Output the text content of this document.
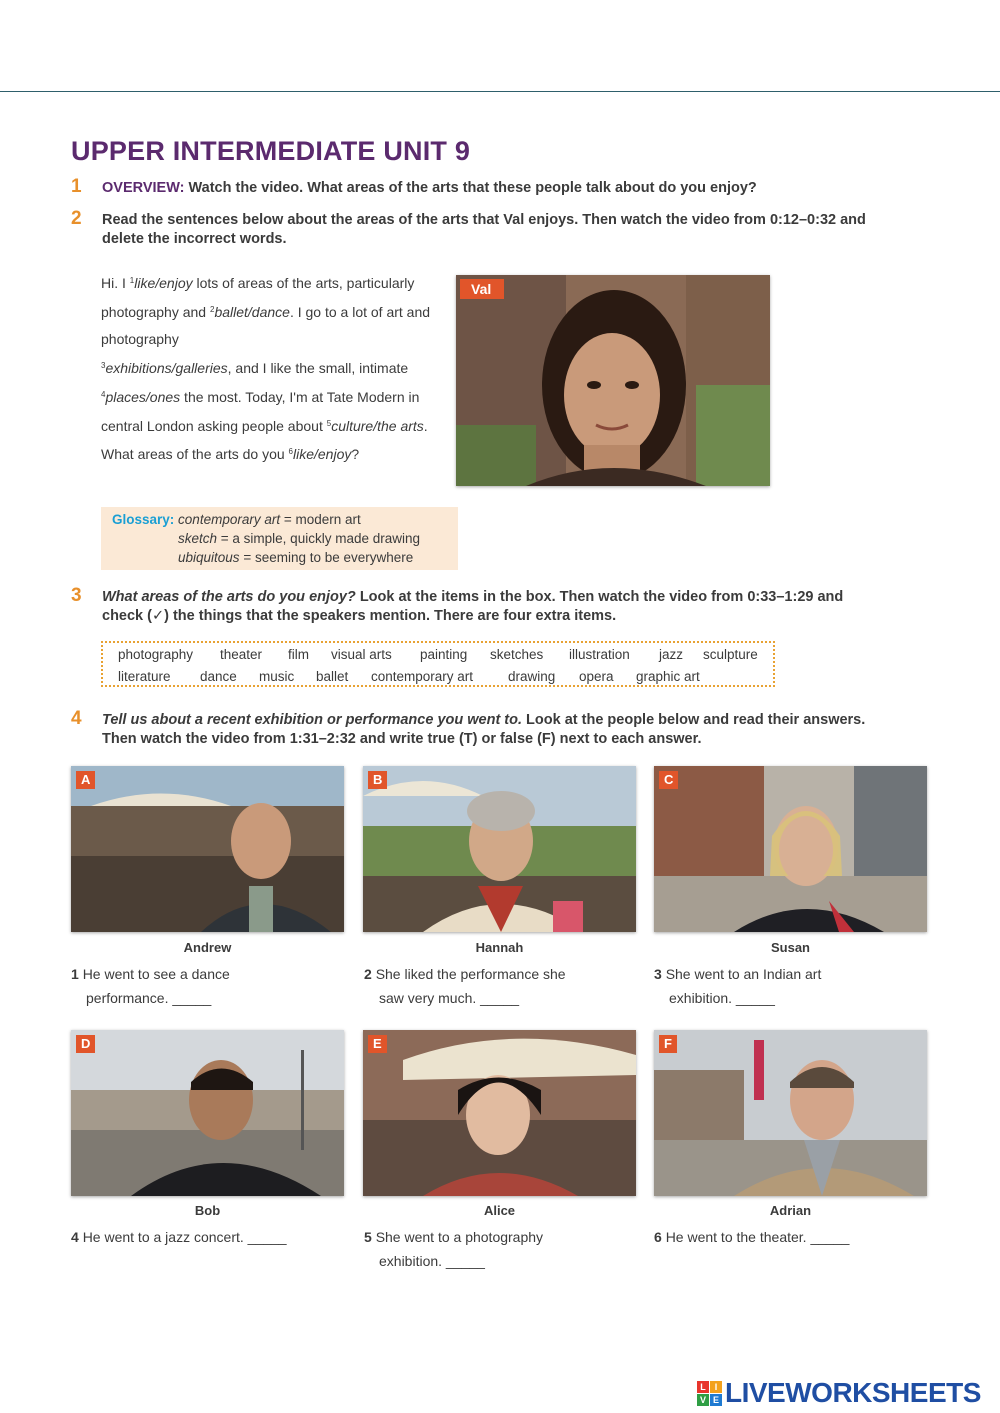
UPPER INTERMEDIATE UNIT 9
1 OVERVIEW: Watch the video. What areas of the arts that these people talk about do you enjoy?
2 Read the sentences below about the areas of the arts that Val enjoys. Then watch the video from 0:12–0:32 and
delete the incorrect words.
Hi. I $^1$like/enjoy lots of areas of the arts, particularly photography and $^2$ballet/dance. I go to a lot of art and photography
$^3$exhibitions/galleries, and I like the small, intimate $^4$places/ones the most. Today, I'm at Tate Modern in central London asking people about $^5$culture/the arts. What areas of the arts do you $^6$like/enjoy?
Val
Glossary: contemporary art = modern art
sketch = a simple, quickly made drawing
ubiquitous = seeming to be everywhere
3 What areas of the arts do you enjoy? Look at the items in the box. Then watch the video from 0:33–1:29 and
check (✓) the things that the speakers mention. There are four extra items.
photography theater film visual arts painting sketches illustration jazz sculpture
literature dance music ballet contemporary art	drawing opera graphic art
4 Tell us about a recent exhibition or performance you went to. Look at the people below and read their answers.
Then watch the video from 1:31–2:32 and write true (T) or false (F) next to each answer.
A	B	C
Andrew	Hannah	Susan
1 He went to see a dance
performance. _____
2 She liked the performance she
saw very much. _____
3 She went to an Indian art
exhibition. _____
D	E	F
Bob	Alice	Adrian
4 He went to a jazz concert. _____	5 She went to a photography
exhibition. _____
6 He went to the theater. _____
L I
V E LIVEWORKSHEETS
